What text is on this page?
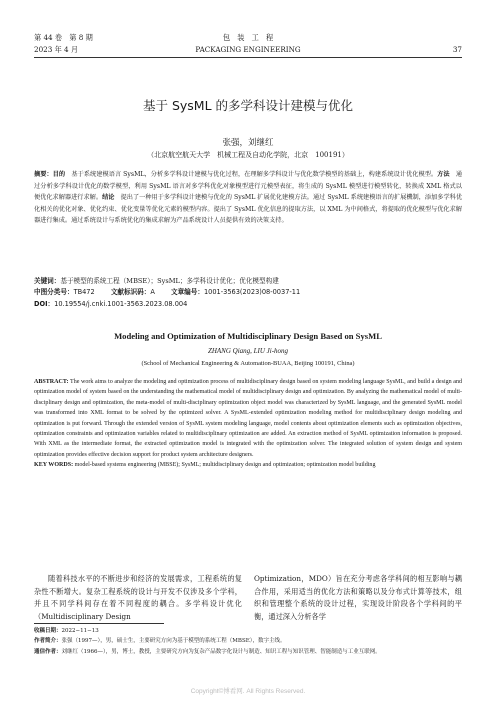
第 44 卷　第 8 期	包　装　工　程
2023 年 4 月	PACKAGING ENGINEERING	37
基于 SysML 的多学科设计建模与优化
张强，刘继红
（北京航空航天大学　机械工程及自动化学院，北京　100191）
摘要：目的　 基于系统建模语言 SysML，分析多学科设计建模与优化过程，在理解多学科设计与优化数学模型的基础上，构建系统设计优化模型。方法　 通过分析多学科设计优化的数学模型，利用 SysML 语言对多学科优化对象模型进行元模型表征，将生成的 SysML 模型进行模型转化，转换成 XML 格式以便优化求解器进行求解。结论　 提出了一种用于多学科设计建模与优化的 SysML 扩展优化建模方法。通过 SysML 系统建模语言的扩展機制，添加多学科优化相关的优化对象、优化约束、优化变量等优化元素的模型内容。提出了 SysML 优化信息的提取方法，以 XML 为中间格式，将提取的优化模型与优化求解器进行集成。通过系统设计与系统优化的集成求解为产品系统设计人员提供有效的决策支持。
关键词：基于模型的系统工程（MBSE）；SysML；多学科设计优化；优化模型构建
中图分类号：TB472 文献标识码：A 文章编号：1001-3563(2023)08-0037-11
DOI：10.19554/j.cnki.1001-3563.2023.08.004
Modeling and Optimization of Multidisciplinary Design Based on SysML
ZHANG Qiang, LIU Ji-hong
(School of Mechanical Engineering & Automation-BUAA, Beijing 100191, China)
ABSTRACT: The work aims to analyze the modeling and optimization process of multidisciplinary design based on system modeling language SysML, and build a design and optimization model of system based on the understanding the mathematical model of multidisciplinary design and optimization. By analyzing the mathematical model of multi-disciplinary design and optimization, the meta-model of multi-disciplinary optimization object model was characterized by SysML language, and the generated SysML model was transformed into XML format to be solved by the optimized solver. A SysML-extended optimization modeling method for multidisciplinary design modeling and optimization is put forward. Through the extended version of SysML system modeling language, model contents about optimization elements such as optimization objectives, optimization constraints and optimization variables related to multidisciplinary optimization are added. An extraction method of SysML optimization information is proposed. With XML as the intermediate format, the extracted optimization model is integrated with the optimization solver. The integrated solution of system design and system optimization provides effective decision support for product system architecture designers.
KEY WORDS: model-based systems engineering (MBSE); SysML; multidisciplinary design and optimization; optimization model building
随着科技水平的不断进步和经济的发展需求，工程系统的复杂性不断增大。复杂工程系统的设计与开发不仅涉及多个学科，并且不同学科间存在着不同程度的耦合。多学科设计优化（Multidisciplinary Design
Optimization，MDO）旨在充分考虑各学科间的相互影响与耦合作用，采用适当的优化方法和策略以及分布式计算等技术，组织和管理整个系统的设计过程，实现设计阶段各个学科间的平衡，通过深入分析各学
收稿日期：2022−11−13
作者简介：张强（1997—），男，硕士生，主要研究方向为基于模型的系统工程（MBSE），数字主线。
通信作者：刘继红（1966—），男，博士，教授，主要研究方向为复杂产品数字化设计与制造、知识工程与知识管理、智能制造与工业互联网。
Copyright©博看网. All Rights Reserved.
